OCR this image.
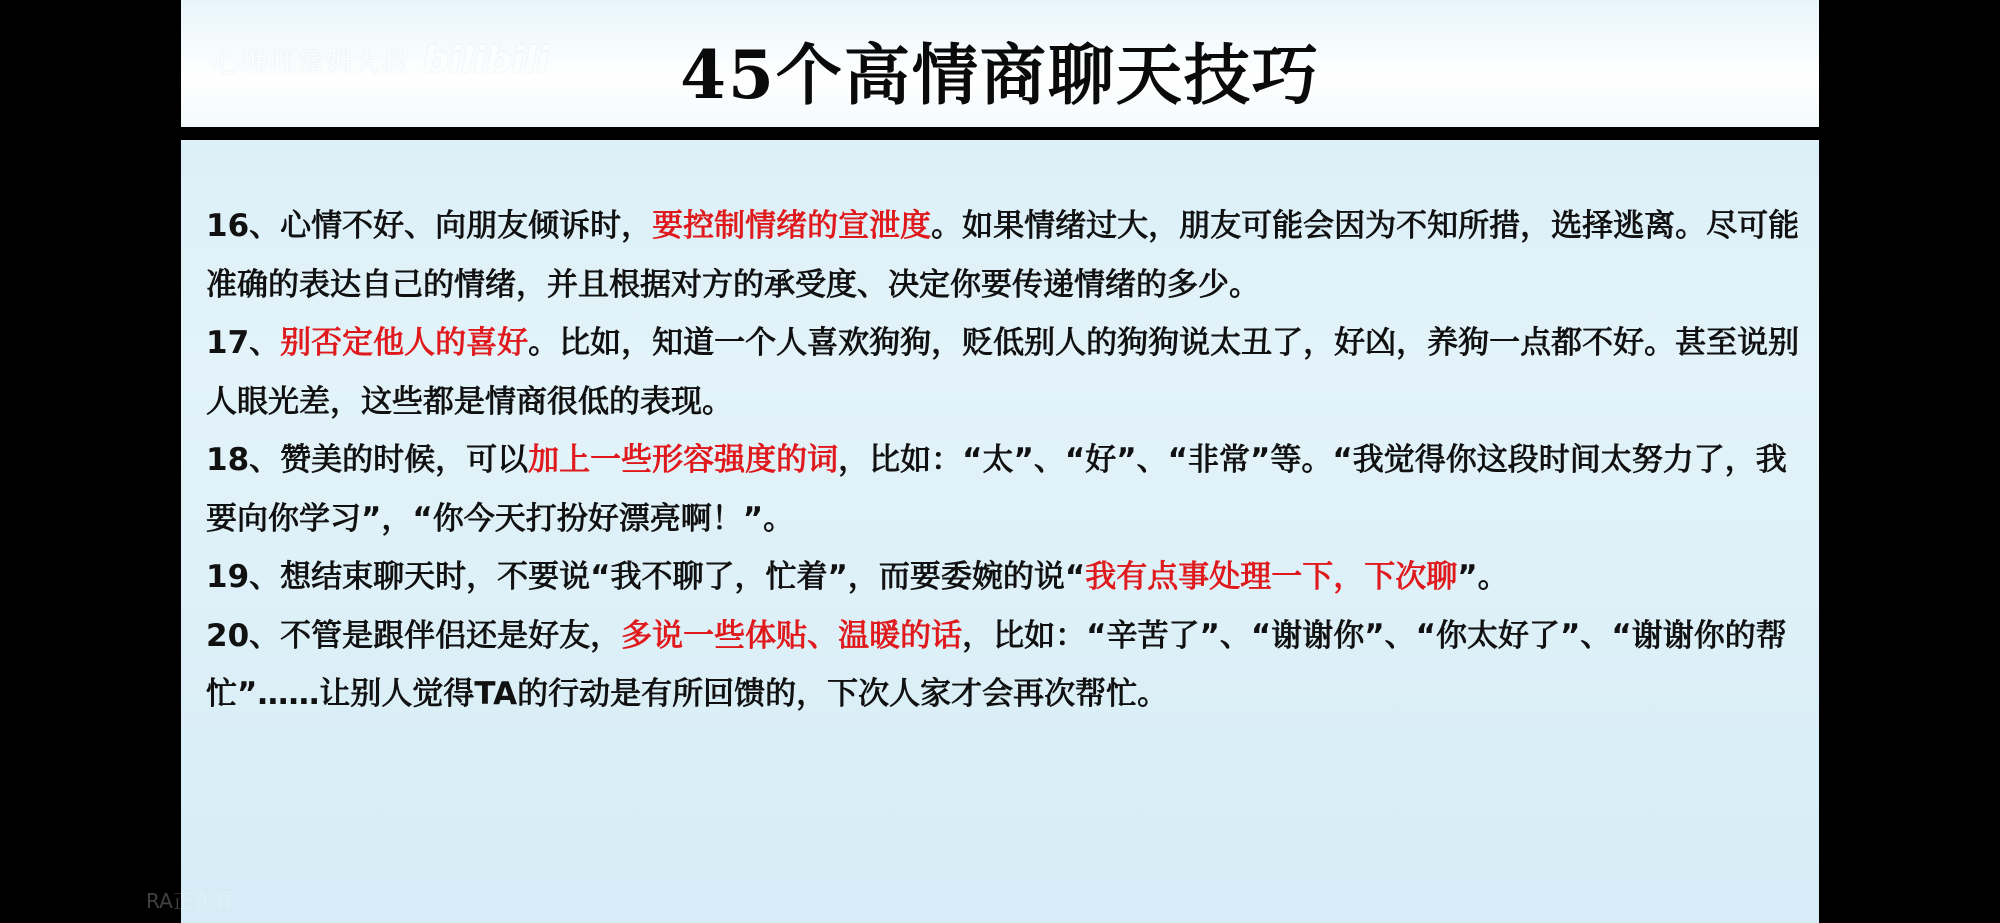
心理师詹姆大叔 bilibili	45个高情商聊天技巧

16、心情不好、向朋友倾诉时，要控制情绪的宣泄度。如果情绪过大，朋友可能会因为不知所措，选择逃离。尽可能准确的表达自己的情绪，并且根据对方的承受度、决定你要传递情绪的多少。

17、别否定他人的喜好。比如，知道一个人喜欢狗狗，贬低别人的狗狗说太丑了，好凶，养狗一点都不好。甚至说别人眼光差，这些都是情商很低的表现。

18、赞美的时候，可以加上一些形容强度的词，比如：“太”、“好”、“非常”等。“我觉得你这段时间太努力了，我要向你学习”，“你今天打扮好漂亮啊！”。

19、想结束聊天时，不要说“我不聊了，忙着”，而要委婉的说“我有点事处理一下，下次聊”。

20、不管是跟伴侣还是好友，多说一些体贴、温暖的话，比如：“辛苦了”、“谢谢你”、“你太好了”、“谢谢你的帮忙”……让别人觉得TA的行动是有所回馈的，下次人家才会再次帮忙。

RA正在看
